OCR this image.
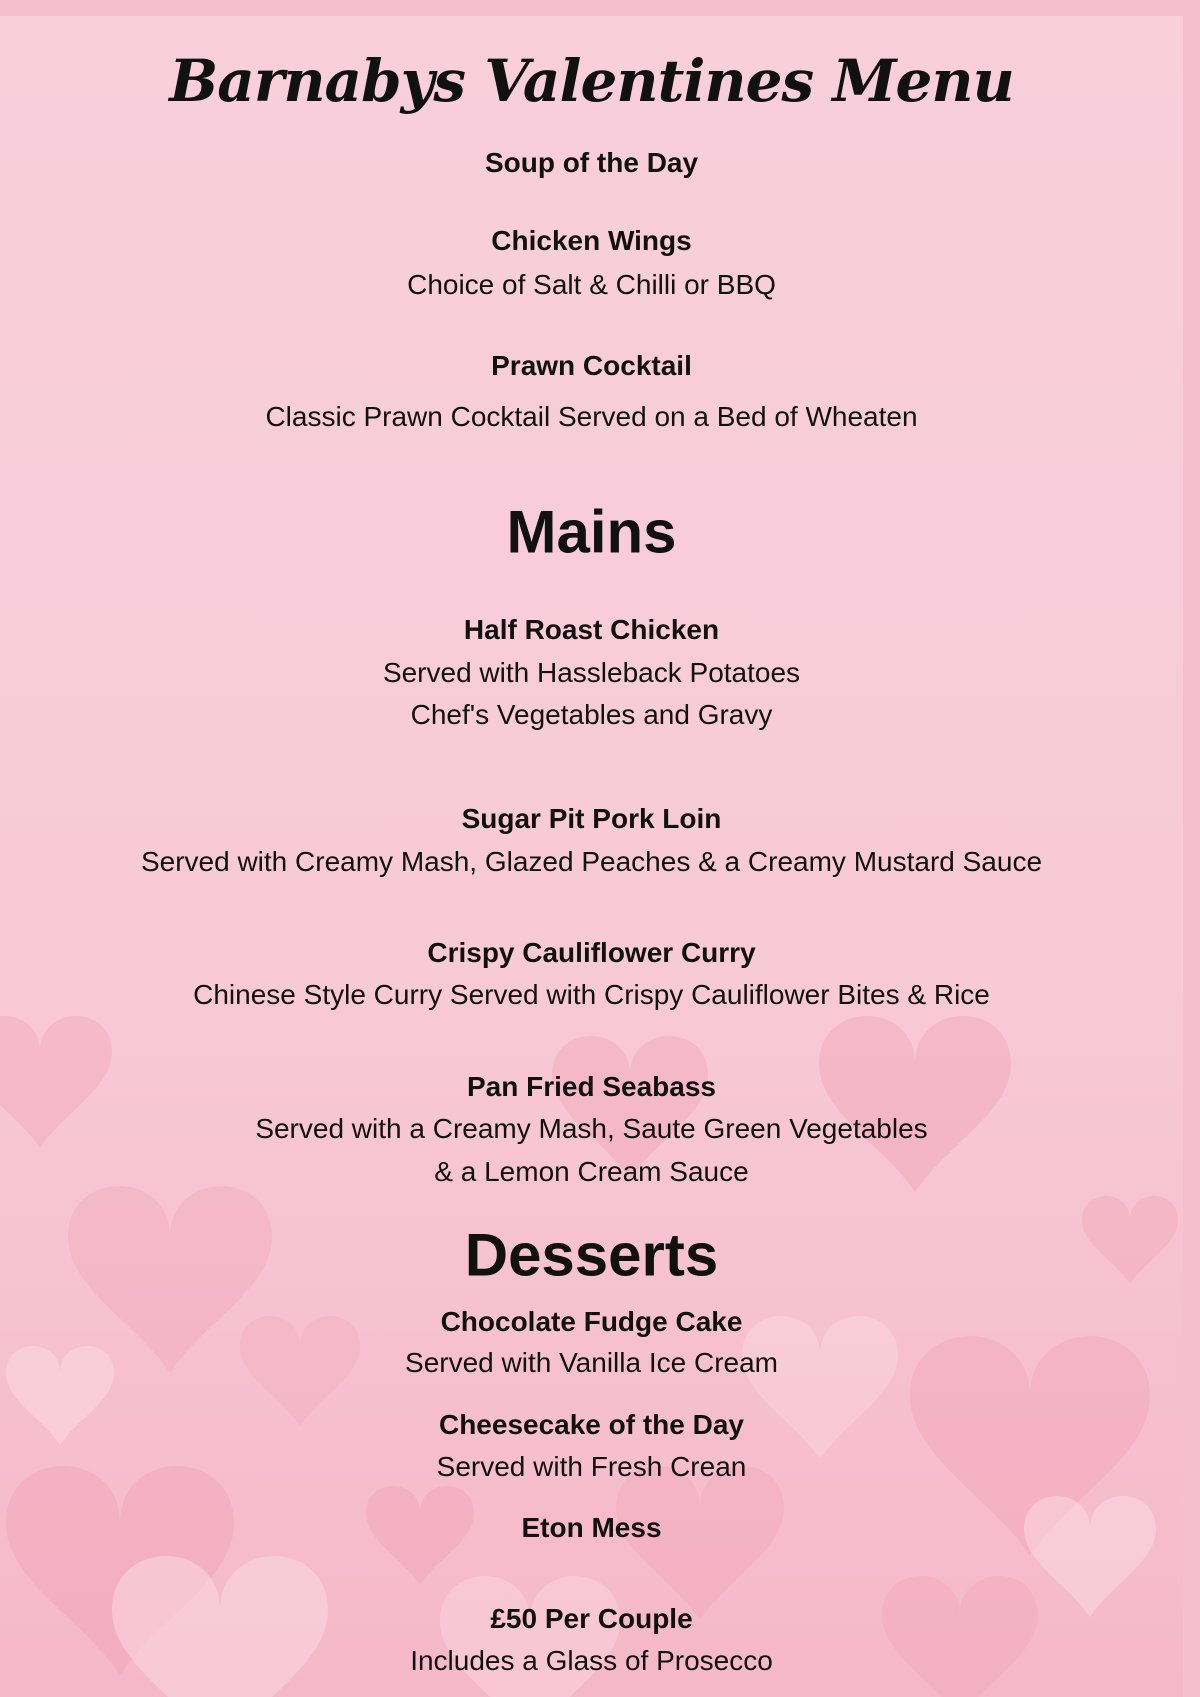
Barnabys Valentines Menu
Soup of the Day
Chicken Wings
Choice of Salt & Chilli or BBQ
Prawn Cocktail
Classic Prawn Cocktail Served on a Bed of Wheaten
Mains
Half Roast Chicken
Served with Hassleback Potatoes
Chef's Vegetables and Gravy
Sugar Pit Pork Loin
Served with Creamy Mash, Glazed Peaches & a Creamy Mustard Sauce
Crispy Cauliflower Curry
Chinese Style Curry Served with Crispy Cauliflower Bites & Rice
Pan Fried Seabass
Served with a Creamy Mash, Saute Green Vegetables
& a Lemon Cream Sauce
Desserts
Chocolate Fudge Cake
Served with Vanilla Ice Cream
Cheesecake of the Day
Served with Fresh Crean
Eton Mess
£50 Per Couple
Includes a Glass of Prosecco
